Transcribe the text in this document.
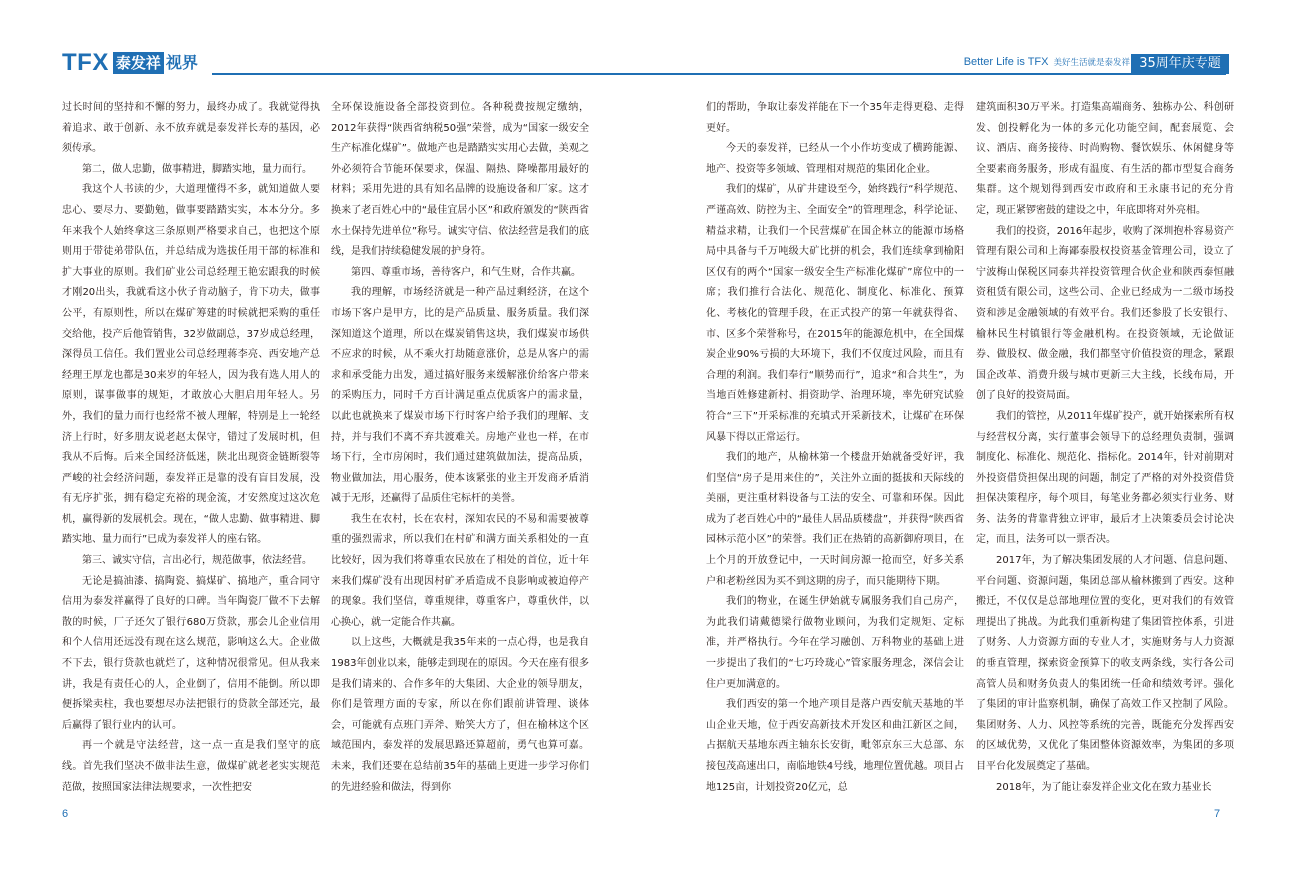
TFX 泰发祥 视界	Better Life is TFX 美好生活就是泰发祥 35周年庆专题

过长时间的坚持和不懈的努力，最终办成了。我就觉得执着追求、敢于创新、永不放弃就是泰发祥长寿的基因，必须传承。

第二，做人忠勤，做事精进，脚踏实地，量力而行。

我这个人书读的少，大道理懂得不多，就知道做人要忠心、要尽力、要勤勉，做事要踏踏实实，本本分分。多年来我个人始终拿这三条原则严格要求自己，也把这个原则用于带徒弟带队伍，并总结成为选拔任用干部的标准和扩大事业的原则。我们矿业公司总经理王艳宏跟我的时候才刚20出头，我就看这小伙子肯动脑子，肯下功夫，做事公平，有原则性，所以在煤矿筹建的时候就把采购的重任交给他，投产后他管销售，32岁做副总，37岁成总经理，深得员工信任。我们置业公司总经理蒋李亮、西安地产总经理王厚龙也都是30来岁的年轻人，因为我有选人用人的原则，谋事做事的规矩，才敢放心大胆启用年轻人。另外，我们的量力而行也经常不被人理解，特别是上一轮经济上行时，好多朋友说老赵太保守，错过了发展时机，但我从不后悔。后来全国经济低迷，陕北出现资金链断裂等严峻的社会经济问题，泰发祥正是靠的没有盲目发展，没有无序扩张，拥有稳定充裕的现金流，才安然度过这次危机，赢得新的发展机会。现在，“做人忠勤、做事精进、脚踏实地、量力而行”已成为泰发祥人的座右铭。

第三、诚实守信，言出必行，规范做事，依法经营。

无论是搞油漆、搞陶瓷、搞煤矿、搞地产，重合同守信用为泰发祥赢得了良好的口碑。当年陶瓷厂做不下去解散的时候，厂子还欠了银行680万贷款，那会儿企业信用和个人信用还远没有现在这么规范，影响这么大。企业做不下去，银行贷款也就烂了，这种情况很常见。但从我来讲，我是有责任心的人，企业倒了，信用不能倒。所以即便拆梁卖柱，我也要想尽办法把银行的贷款全部还完，最后赢得了银行业内的认可。

再一个就是守法经营，这一点一直是我们坚守的底线。首先我们坚决不做非法生意，做煤矿就老老实实规范范做，按照国家法律法规要求，一次性把安

全环保设施设备全部投资到位。各种税费按规定缴纳，2012年获得“陕西省纳税50强”荣誉，成为“国家一级安全生产标准化煤矿”。做地产也是踏踏实实用心去做，美观之外必须符合节能环保要求，保温、隔热、降噪都用最好的材料；采用先进的具有知名品牌的设施设备和厂家。这才换来了老百姓心中的“最佳宜居小区”和政府颁发的“陕西省水土保持先进单位”称号。诚实守信、依法经营是我们的底线，是我们持续稳健发展的护身符。

第四、尊重市场，善待客户，和气生财，合作共赢。

我的理解，市场经济就是一种产品过剩经济，在这个市场下客户是甲方，比的是产品质量、服务质量。我们深深知道这个道理，所以在煤炭销售这块，我们煤炭市场供不应求的时候，从不乘火打劫随意涨价，总是从客户的需求和承受能力出发，通过搞好服务来缓解涨价给客户带来的采购压力，同时千方百计满足重点优质客户的需求量，以此也就换来了煤炭市场下行时客户给予我们的理解、支持，并与我们不离不弃共渡难关。房地产业也一样，在市场下行，全市房闲时，我们通过建筑做加法，提高品质，物业做加法，用心服务，使本该紧张的业主开发商矛盾消减于无形，还赢得了品质住宅标杆的美誉。

我生在农村，长在农村，深知农民的不易和需要被尊重的强烈需求，所以我们在村矿和满方面关系相处的一直比较好，因为我们将尊重农民放在了相处的首位，近十年来我们煤矿没有出现因村矿矛盾造成不良影响或被迫停产的现象。我们坚信，尊重规律，尊重客户，尊重伙伴，以心换心，就一定能合作共赢。

以上这些，大概就是我35年来的一点心得，也是我自1983年创业以来，能够走到现在的原因。今天在座有很多是我们请来的、合作多年的大集团、大企业的领导朋友，你们是管理方面的专家，所以在你们跟前讲管理、谈体会，可能就有点班门弄斧、贻笑大方了，但在榆林这个区域范围内，泰发祥的发展思路还算超前，勇气也算可嘉。未来，我们还要在总结前35年的基础上更进一步学习你们的先进经验和做法，得到你

们的帮助，争取让泰发祥能在下一个35年走得更稳、走得更好。

今天的泰发祥，已经从一个小作坊变成了横跨能源、地产、投资等多领域、管理相对规范的集团化企业。

我们的煤矿，从矿井建设至今，始终践行“科学规范、严谨高效、防控为主、全面安全”的管理理念，科学论证、精益求精，让我们一个民营煤矿在国企林立的能源市场格局中具备与千万吨级大矿比拼的机会，我们连续拿到榆阳区仅有的两个“国家一级安全生产标准化煤矿”席位中的一席；我们推行合法化、规范化、制度化、标准化、预算化、考核化的管理手段，在正式投产的第一年就获得省、市、区多个荣誉称号，在2015年的能源危机中，在全国煤炭企业90%亏损的大环境下，我们不仅度过风险，而且有合理的利润。我们奉行“顺势而行”，追求“和合共生”，为当地百姓修建新村、捐资助学、治理环境，率先研究试验符合“三下”开采标准的充填式开采新技术，让煤矿在环保风暴下得以正常运行。

我们的地产，从榆林第一个楼盘开始就备受好评，我们坚信“房子是用来住的”，关注外立面的挺拔和天际线的美丽，更注重材料设备与工法的安全、可靠和环保。因此成为了老百姓心中的“最佳人居品质楼盘”，并获得“陕西省园林示范小区”的荣誉。我们正在热销的高新御府项目，在上个月的开放登记中，一天时间房源一抢而空，好多关系户和老粉丝因为买不到这期的房子，而只能期待下期。

我们的物业，在诞生伊始就专属服务我们自己房产，为此我们请戴德梁行做物业顾问，为我们定规矩、定标准，并严格执行。今年在学习融创、万科物业的基础上进一步提出了我们的“七巧玲珑心”管家服务理念，深信会让住户更加满意的。

我们西安的第一个地产项目是落户西安航天基地的半山企业天地，位于西安高新技术开发区和曲江新区之间，占据航天基地东西主轴东长安街，毗邻京东三大总部、东接包茂高速出口，南临地铁4号线，地理位置优越。项目占地125亩，计划投资20亿元，总

建筑面积30万平米。打造集高端商务、独栋办公、科创研发、创投孵化为一体的多元化功能空间，配套展览、会议、酒店、商务接待、时尚购物、餐饮娱乐、休闲健身等全要素商务服务，形成有温度、有生活的都市型复合商务集群。这个规划得到西安市政府和王永康书记的充分肯定，现正紧锣密鼓的建设之中，年底即将对外亮相。

我们的投资，2016年起步，收购了深圳抱朴容易资产管理有限公司和上海鄙泰股权投资基金管理公司，设立了宁波梅山保税区同泰共祥投资管理合伙企业和陕西泰恒融资租赁有限公司，这些公司、企业已经成为一二级市场投资和涉足金融领域的有效平台。我们还参股了长安银行、榆林民生村镇银行等金融机构。在投资领域，无论做证券、做股权、做金融，我们都坚守价值投资的理念，紧跟国企改革、消费升级与城市更新三大主线，长线布局，开创了良好的投资局面。

我们的管控，从2011年煤矿投产，就开始探索所有权与经营权分离，实行董事会领导下的总经理负责制，强调制度化、标准化、规范化、指标化。2014年，针对前期对外投资借贷担保出现的问题，制定了严格的对外投资借贷担保决策程序，每个项目，每笔业务都必须实行业务、财务、法务的背靠背独立评审，最后才上决策委员会讨论决定，而且，法务可以一票否决。

2017年，为了解决集团发展的人才问题、信息问题、平台问题、资源问题，集团总部从榆林搬到了西安。这种搬迁，不仅仅是总部地理位置的变化，更对我们的有效管理提出了挑战。为此我们重新构建了集团管控体系，引进了财务、人力资源方面的专业人才，实施财务与人力资源的垂直管理，探索资金预算下的收支两条线，实行各公司高管人员和财务负责人的集团统一任命和绩效考评。强化了集团的审计监察机制，确保了高效工作又控制了风险。集团财务、人力、风控等系统的完善，既能充分发挥西安的区域优势，又优化了集团整体资源效率，为集团的多项目平台化发展奠定了基础。

2018年，为了能让泰发祥企业文化在致力基业长

6	7
